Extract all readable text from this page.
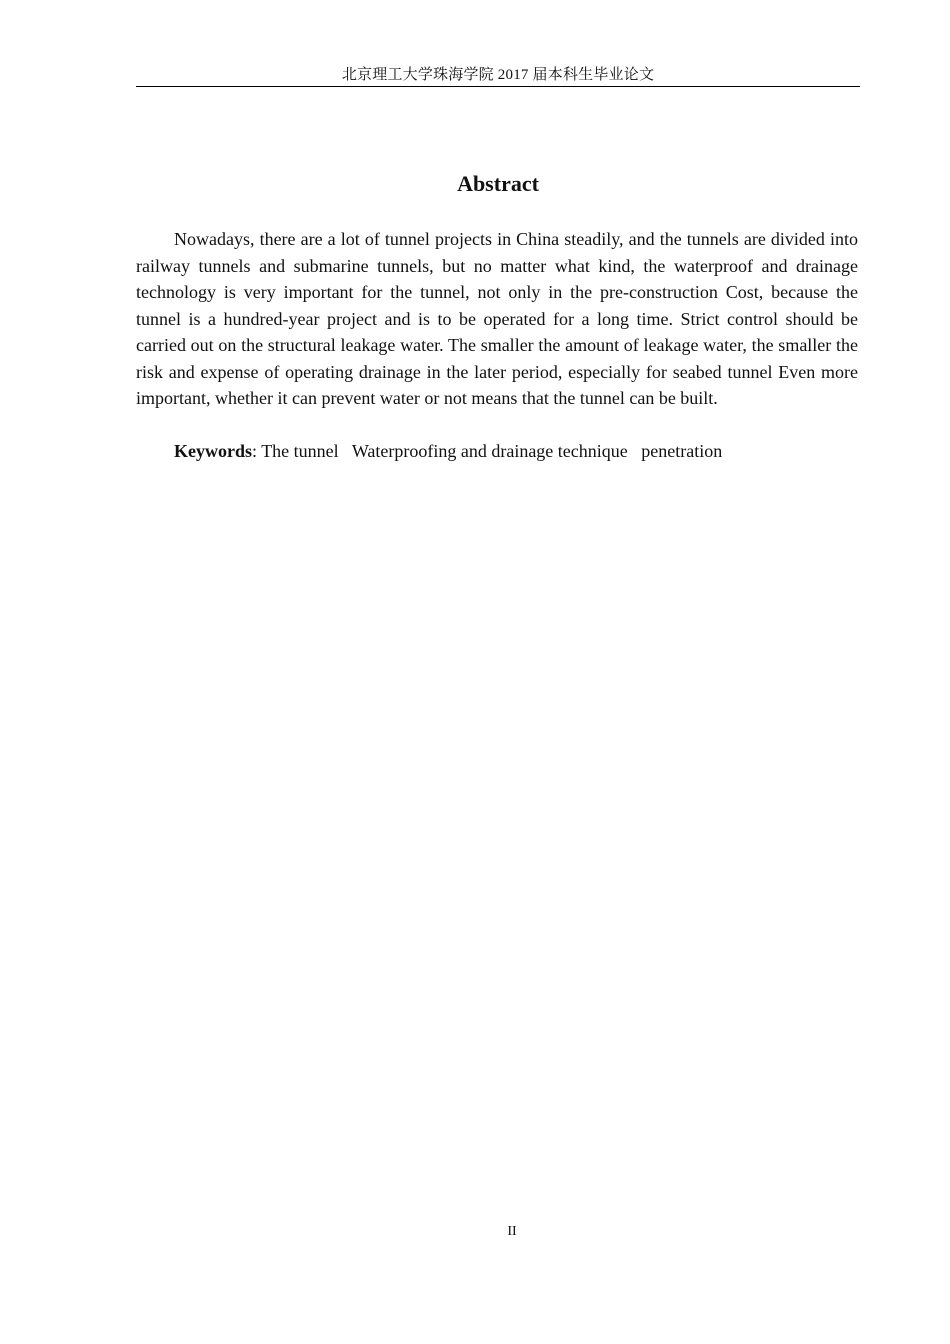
北京理工大学珠海学院 2017 届本科生毕业论文
Abstract

Nowadays, there are a lot of tunnel projects in China steadily, and the tunnels are divided into railway tunnels and submarine tunnels, but no matter what kind, the waterproof and drainage technology is very important for the tunnel, not only in the pre-construction Cost, because the tunnel is a hundred-year project and is to be operated for a long time. Strict control should be carried out on the structural leakage water. The smaller the amount of leakage water, the smaller the risk and expense of operating drainage in the later period, especially for seabed tunnel Even more important, whether it can prevent water or not means that the tunnel can be built.

Keywords: The tunnel   Waterproofing and drainage technique   penetration

II
